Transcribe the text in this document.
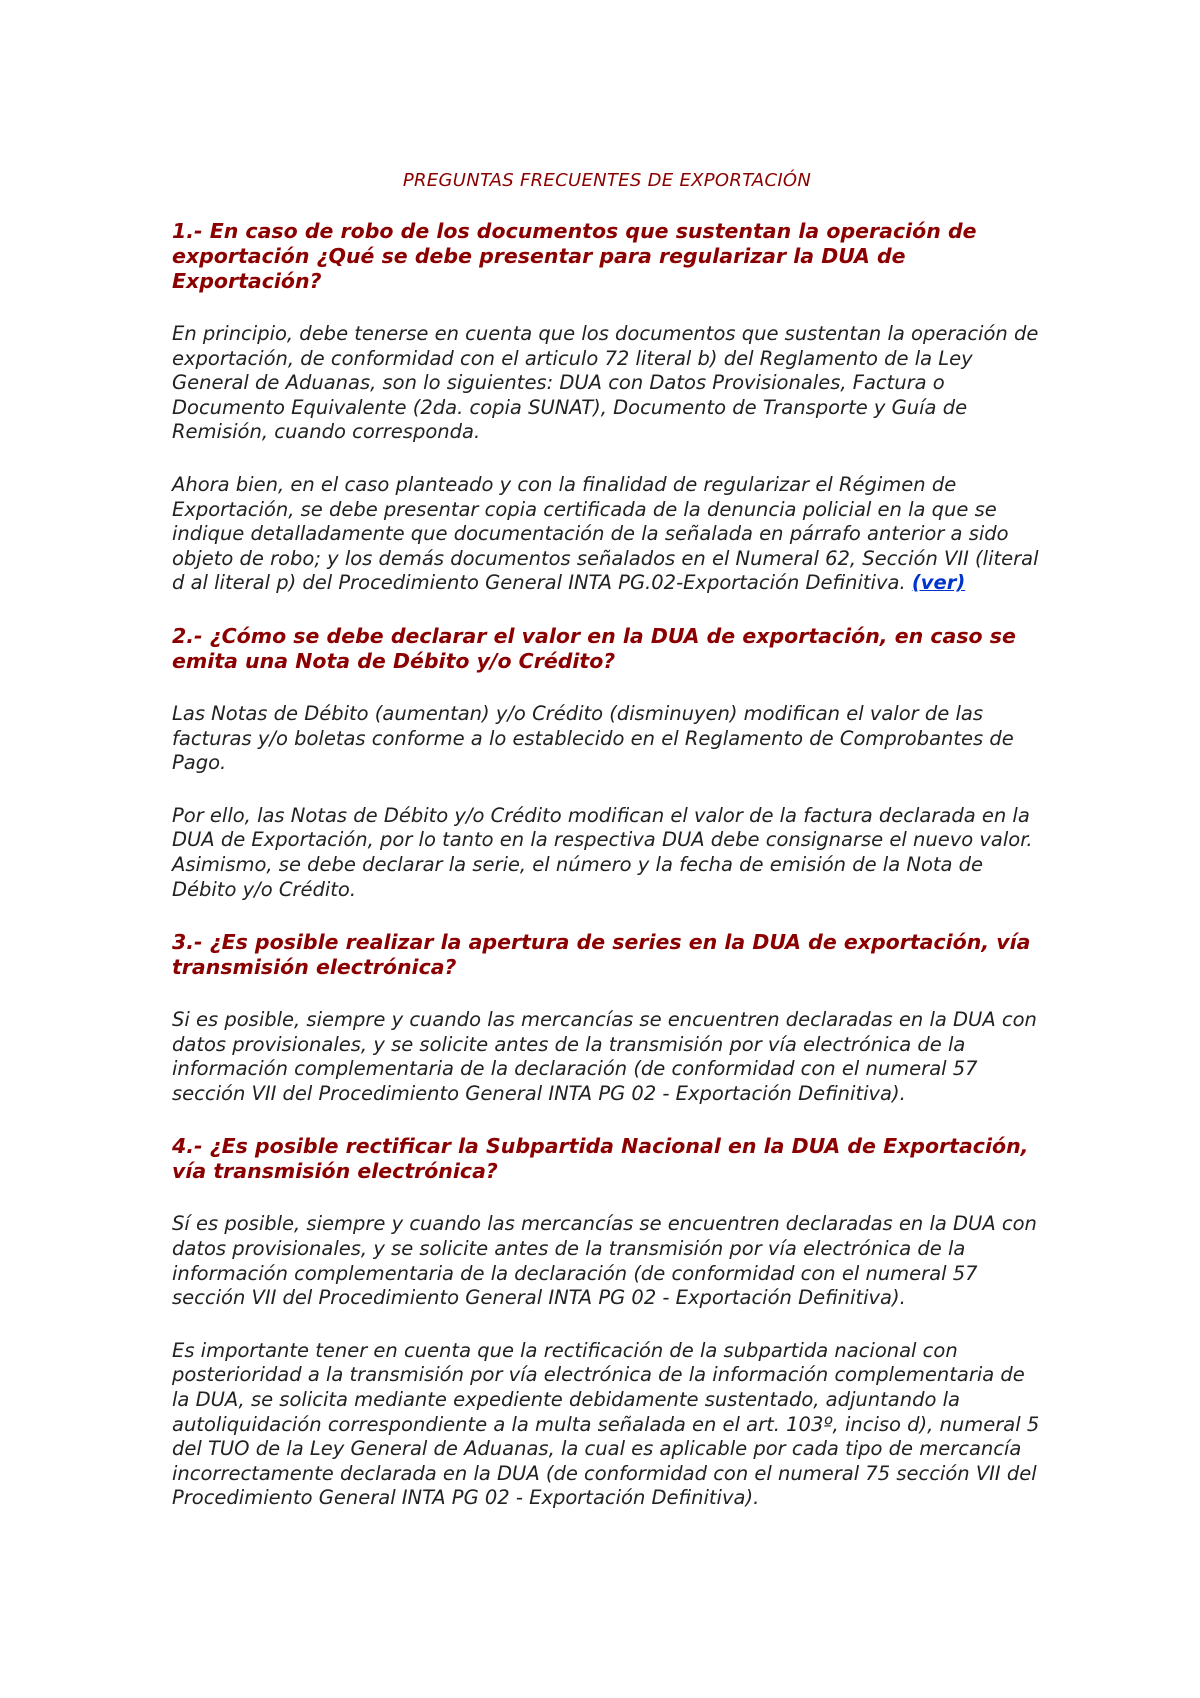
PREGUNTAS FRECUENTES DE EXPORTACIÓN
1.- En caso de robo de los documentos que sustentan la operación de exportación ¿Qué se debe presentar para regularizar la DUA de Exportación?
En principio, debe tenerse en cuenta que los documentos que sustentan la operación de exportación, de conformidad con el articulo 72 literal b) del Reglamento de la Ley General de Aduanas, son lo siguientes: DUA con Datos Provisionales, Factura o Documento Equivalente (2da. copia SUNAT), Documento de Transporte y Guía de Remisión, cuando corresponda.
Ahora bien, en el caso planteado y con la finalidad de regularizar el Régimen de Exportación, se debe presentar copia certificada de la denuncia policial en la que se indique detalladamente que documentación de la señalada en párrafo anterior a sido objeto de robo; y los demás documentos señalados en el Numeral 62, Sección VII (literal d al literal p) del Procedimiento General INTA PG.02-Exportación Definitiva. (ver)
2.- ¿Cómo se debe declarar el valor en la DUA de exportación, en caso se emita una Nota de Débito y/o Crédito?
Las Notas de Débito (aumentan) y/o Crédito (disminuyen) modifican el valor de las facturas y/o boletas conforme a lo establecido en el Reglamento de Comprobantes de Pago.
Por ello, las Notas de Débito y/o Crédito modifican el valor de la factura declarada en la DUA de Exportación, por lo tanto en la respectiva DUA debe consignarse el nuevo valor. Asimismo, se debe declarar la serie, el número y la fecha de emisión de la Nota de Débito y/o Crédito.
3.- ¿Es posible realizar la apertura de series en la DUA de exportación, vía transmisión electrónica?
Si es posible, siempre y cuando las mercancías se encuentren declaradas en la DUA con datos provisionales, y se solicite antes de la transmisión por vía electrónica de la información complementaria de la declaración (de conformidad con el numeral 57 sección VII del Procedimiento General INTA PG 02 - Exportación Definitiva).
4.- ¿Es posible rectificar la Subpartida Nacional en la DUA de Exportación, vía transmisión electrónica?
Sí es posible, siempre y cuando las mercancías se encuentren declaradas en la DUA con datos provisionales, y se solicite antes de la transmisión por vía electrónica de la información complementaria de la declaración (de conformidad con el numeral 57 sección VII del Procedimiento General INTA PG 02 - Exportación Definitiva).
Es importante tener en cuenta que la rectificación de la subpartida nacional con posterioridad a la transmisión por vía electrónica de la información complementaria de la DUA, se solicita mediante expediente debidamente sustentado, adjuntando la autoliquidación correspondiente a la multa señalada en el art. 103º, inciso d), numeral 5 del TUO de la Ley General de Aduanas, la cual es aplicable por cada tipo de mercancía incorrectamente declarada en la DUA (de conformidad con el numeral 75 sección VII del Procedimiento General INTA PG 02 - Exportación Definitiva).
